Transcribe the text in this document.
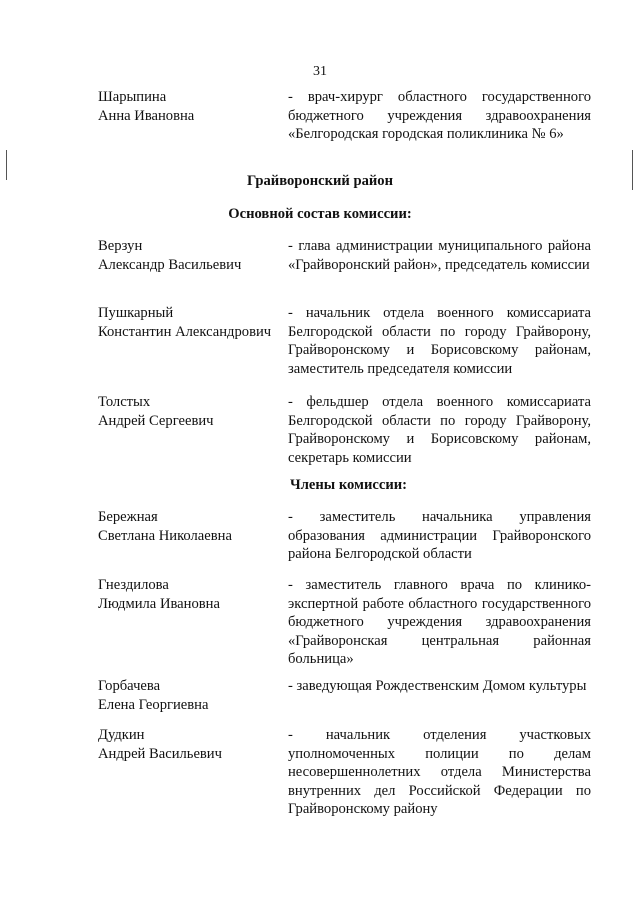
31
Шарыпина
Анна Ивановна
- врач-хирург областного государственного бюджетного учреждения здравоохранения «Белгородская городская поликлиника № 6»
Грайворонский район
Основной состав комиссии:
Верзун
Александр Васильевич
- глава администрации муниципального района «Грайворонский район», председатель комиссии
Пушкарный
Константин Александрович
- начальник отдела военного комиссариата Белгородской области по городу Грайворону, Грайворонскому и Борисовскому районам, заместитель председателя комиссии
Толстых
Андрей Сергеевич
- фельдшер отдела военного комиссариата Белгородской области по городу Грайворону, Грайворонскому и Борисовскому районам, секретарь комиссии
Члены комиссии:
Бережная
Светлана Николаевна
- заместитель начальника управления образования администрации Грайворонского района Белгородской области
Гнездилова
Людмила Ивановна
- заместитель главного врача по клинико-экспертной работе областного государственного бюджетного учреждения здравоохранения «Грайворонская центральная районная больница»
Горбачева
Елена Георгиевна
- заведующая Рождественским Домом культуры
Дудкин
Андрей Васильевич
- начальник отделения участковых уполномоченных полиции по делам несовершеннолетних отдела Министерства внутренних дел Российской Федерации по Грайворонскому району
